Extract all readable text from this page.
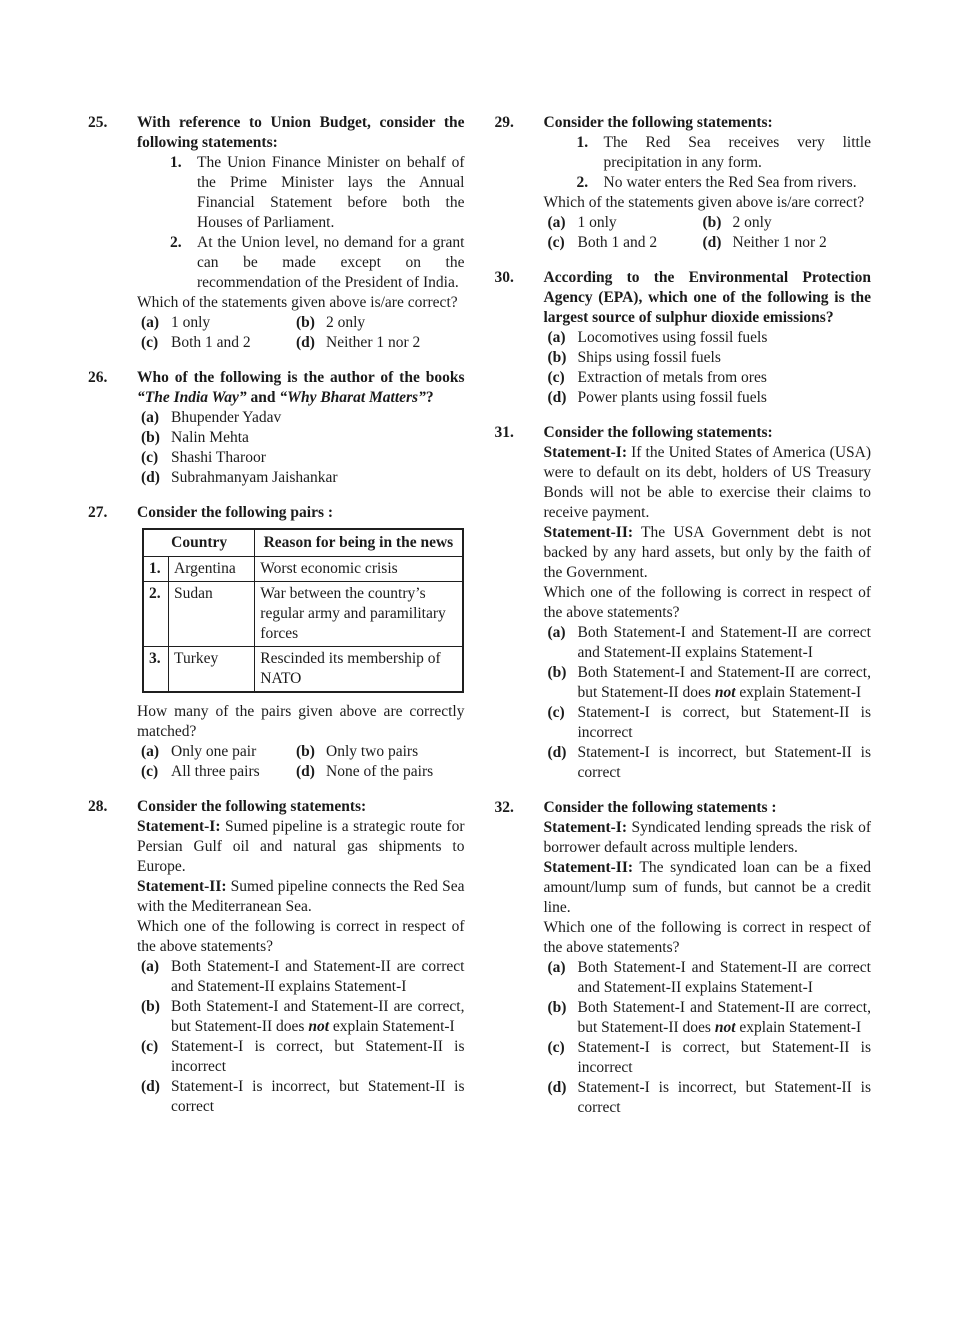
25.	With reference to Union Budget, consider the following statements:
1. The Union Finance Minister on behalf of the Prime Minister lays the Annual Financial Statement before both the Houses of Parliament.
2. At the Union level, no demand for a grant can be made except on the recommendation of the President of India.
Which of the statements given above is/are correct?
(a) 1 only	(b) 2 only
(c) Both 1 and 2	(d) Neither 1 nor 2
26.	Who of the following is the author of the books “The India Way” and “Why Bharat Matters”?
(a) Bhupender Yadav
(b) Nalin Mehta
(c) Shashi Tharoor
(d) Subrahmanyam Jaishankar
27.	Consider the following pairs :
Country		Reason for being in the news
1.	Argentina	Worst economic crisis
2.	Sudan	War between the country’s regular army and paramilitary forces
3.	Turkey	Rescinded its membership of NATO
How many of the pairs given above are correctly matched?
(a) Only one pair	(b) Only two pairs
(c) All three pairs	(d) None of the pairs
28.	Consider the following statements:
Statement-I: Sumed pipeline is a strategic route for Persian Gulf oil and natural gas shipments to Europe.
Statement-II: Sumed pipeline connects the Red Sea with the Mediterranean Sea.
Which one of the following is correct in respect of the above statements?
(a) Both Statement-I and Statement-II are correct and Statement-II explains Statement-I
(b) Both Statement-I and Statement-II are correct, but Statement-II does not explain Statement-I
(c) Statement-I is correct, but Statement-II is incorrect
(d) Statement-I is incorrect, but Statement-II is correct
29.	Consider the following statements:
1. The Red Sea receives very little precipitation in any form.
2. No water enters the Red Sea from rivers.
Which of the statements given above is/are correct?
(a) 1 only	(b) 2 only
(c) Both 1 and 2	(d) Neither 1 nor 2
30.	According to the Environmental Protection Agency (EPA), which one of the following is the largest source of sulphur dioxide emissions?
(a) Locomotives using fossil fuels
(b) Ships using fossil fuels
(c) Extraction of metals from ores
(d) Power plants using fossil fuels
31.	Consider the following statements:
Statement-I: If the United States of America (USA) were to default on its debt, holders of US Treasury Bonds will not be able to exercise their claims to receive payment.
Statement-II: The USA Government debt is not backed by any hard assets, but only by the faith of the Government.
Which one of the following is correct in respect of the above statements?
(a) Both Statement-I and Statement-II are correct and Statement-II explains Statement-I
(b) Both Statement-I and Statement-II are correct, but Statement-II does not explain Statement-I
(c) Statement-I is correct, but Statement-II is incorrect
(d) Statement-I is incorrect, but Statement-II is correct
32.	Consider the following statements :
Statement-I: Syndicated lending spreads the risk of borrower default across multiple lenders.
Statement-II: The syndicated loan can be a fixed amount/lump sum of funds, but cannot be a credit line.
Which one of the following is correct in respect of the above statements?
(a) Both Statement-I and Statement-II are correct and Statement-II explains Statement-I
(b) Both Statement-I and Statement-II are correct, but Statement-II does not explain Statement-I
(c) Statement-I is correct, but Statement-II is incorrect
(d) Statement-I is incorrect, but Statement-II is correct
